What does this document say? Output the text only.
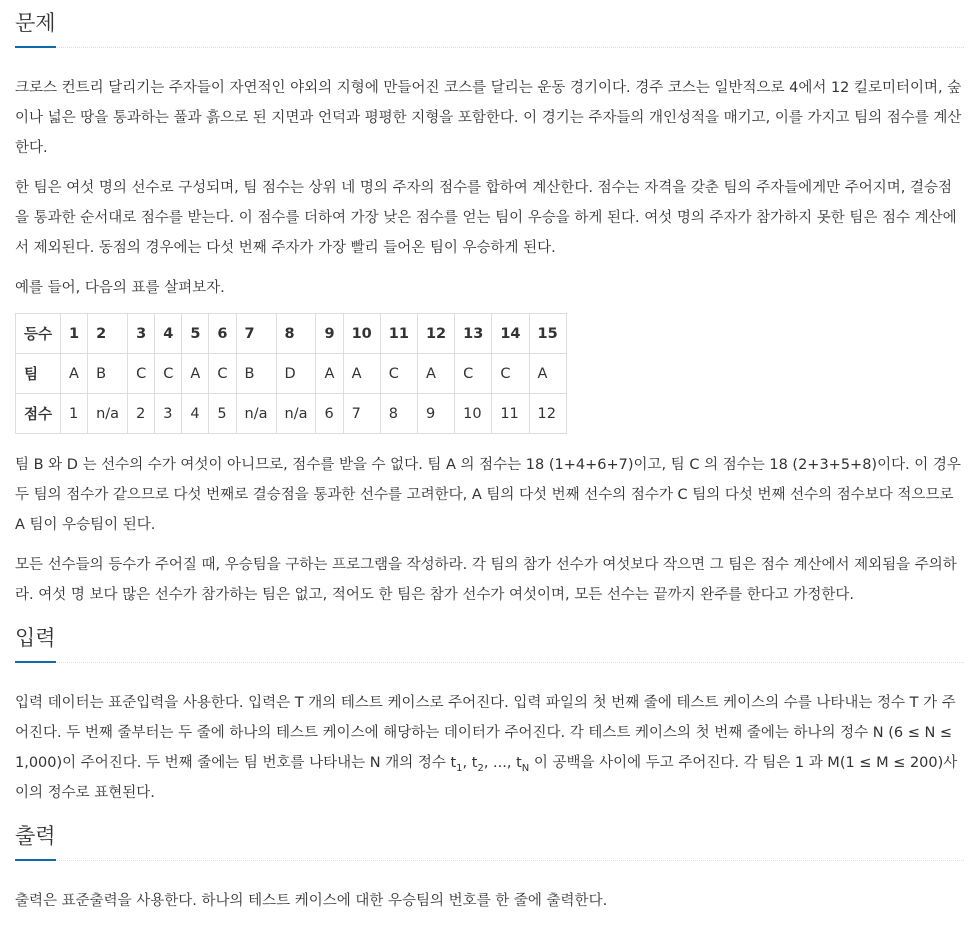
문제

크로스 컨트리 달리기는 주자들이 자연적인 야외의 지형에 만들어진 코스를 달리는 운동 경기이다. 경주 코스는 일반적으로 4에서 12 킬로미터이며, 숲이나 넓은 땅을 통과하는 풀과 흙으로 된 지면과 언덕과 평평한 지형을 포함한다. 이 경기는 주자들의 개인성적을 매기고, 이를 가지고 팀의 점수를 계산한다.

한 팀은 여섯 명의 선수로 구성되며, 팀 점수는 상위 네 명의 주자의 점수를 합하여 계산한다. 점수는 자격을 갖춘 팀의 주자들에게만 주어지며, 결승점을 통과한 순서대로 점수를 받는다. 이 점수를 더하여 가장 낮은 점수를 얻는 팀이 우승을 하게 된다. 여섯 명의 주자가 참가하지 못한 팀은 점수 계산에서 제외된다. 동점의 경우에는 다섯 번째 주자가 가장 빨리 들어온 팀이 우승하게 된다.

예를 들어, 다음의 표를 살펴보자.

등수	1	2	3	4	5	6	7	8	9	10	11	12	13	14	15
팀	A	B	C	C	A	C	B	D	A	A	C	A	C	C	A
점수	1	n/a	2	3	4	5	n/a	n/a	6	7	8	9	10	11	12

팀 B 와 D 는 선수의 수가 여섯이 아니므로, 점수를 받을 수 없다. 팀 A 의 점수는 18 (1+4+6+7)이고, 팀 C 의 점수는 18 (2+3+5+8)이다. 이 경우 두 팀의 점수가 같으므로 다섯 번째로 결승점을 통과한 선수를 고려한다, A 팀의 다섯 번째 선수의 점수가 C 팀의 다섯 번째 선수의 점수보다 적으므로 A 팀이 우승팀이 된다.

모든 선수들의 등수가 주어질 때, 우승팀을 구하는 프로그램을 작성하라. 각 팀의 참가 선수가 여섯보다 작으면 그 팀은 점수 계산에서 제외됨을 주의하라. 여섯 명 보다 많은 선수가 참가하는 팀은 없고, 적어도 한 팀은 참가 선수가 여섯이며, 모든 선수는 끝까지 완주를 한다고 가정한다.

입력

입력 데이터는 표준입력을 사용한다. 입력은 T 개의 테스트 케이스로 주어진다. 입력 파일의 첫 번째 줄에 테스트 케이스의 수를 나타내는 정수 T 가 주어진다. 두 번째 줄부터는 두 줄에 하나의 테스트 케이스에 해당하는 데이터가 주어진다. 각 테스트 케이스의 첫 번째 줄에는 하나의 정수 N (6 ≤ N ≤ 1,000)이 주어진다. 두 번째 줄에는 팀 번호를 나타내는 N 개의 정수 $t_1$, $t_2$, ..., $t_N$ 이 공백을 사이에 두고 주어진다. 각 팀은 1 과 M(1 ≤ M ≤ 200)사이의 정수로 표현된다.

출력

출력은 표준출력을 사용한다. 하나의 테스트 케이스에 대한 우승팀의 번호를 한 줄에 출력한다.
